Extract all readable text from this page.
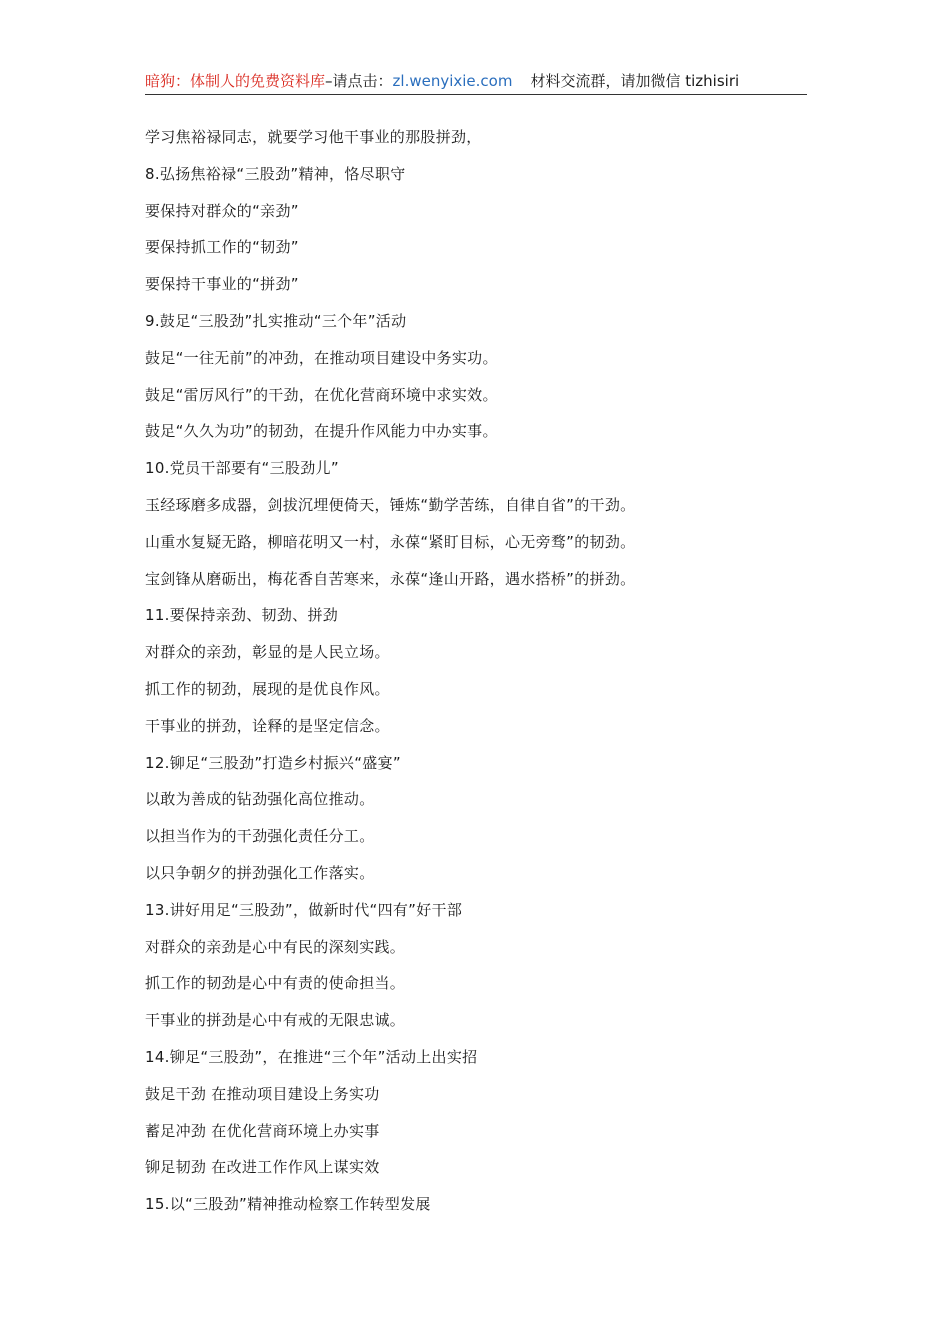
暗狗：体制人的免费资料库–请点击：zl.wenyixie.com 材料交流群，请加微信 tizhisiri
学习焦裕禄同志，就要学习他干事业的那股拼劲，
8.弘扬焦裕禄“三股劲”精神，恪尽职守
要保持对群众的“亲劲”
要保持抓工作的“韧劲”
要保持干事业的“拼劲”
9.鼓足“三股劲”扎实推动“三个年”活动
鼓足“一往无前”的冲劲，在推动项目建设中务实功。
鼓足“雷厉风行”的干劲，在优化营商环境中求实效。
鼓足“久久为功”的韧劲，在提升作风能力中办实事。
10.党员干部要有“三股劲儿”
玉经琢磨多成器，剑拔沉埋便倚天，锤炼“勤学苦练，自律自省”的干劲。
山重水复疑无路，柳暗花明又一村，永葆“紧盯目标，心无旁骛”的韧劲。
宝剑锋从磨砺出，梅花香自苦寒来，永葆“逢山开路，遇水搭桥”的拼劲。
11.要保持亲劲、韧劲、拼劲
对群众的亲劲，彰显的是人民立场。
抓工作的韧劲，展现的是优良作风。
干事业的拼劲，诠释的是坚定信念。
12.铆足“三股劲”打造乡村振兴“盛宴”
以敢为善成的钻劲强化高位推动。
以担当作为的干劲强化责任分工。
以只争朝夕的拼劲强化工作落实。
13.讲好用足“三股劲”，做新时代“四有”好干部
对群众的亲劲是心中有民的深刻实践。
抓工作的韧劲是心中有责的使命担当。
干事业的拼劲是心中有戒的无限忠诚。
14.铆足“三股劲”，在推进“三个年”活动上出实招
鼓足干劲 在推动项目建设上务实功
蓄足冲劲 在优化营商环境上办实事
铆足韧劲 在改进工作作风上谋实效
15.以“三股劲”精神推动检察工作转型发展
